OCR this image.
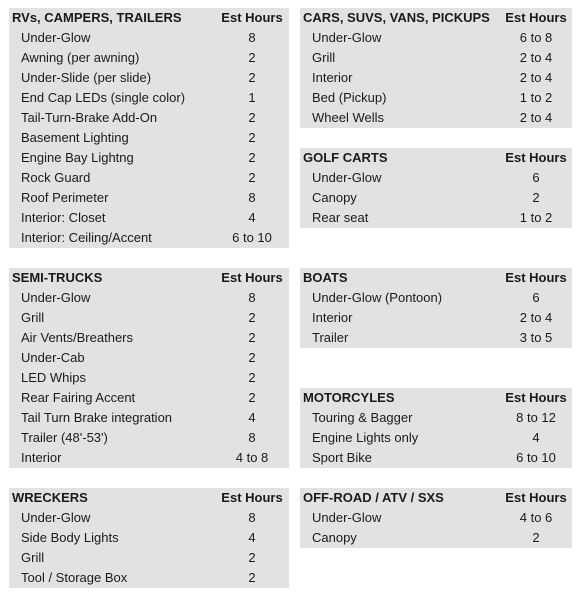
RVs, CAMPERS, TRAILERS	Est Hours
Under-Glow	8
Awning (per awning)	2
Under-Slide (per slide)	2
End Cap LEDs (single color)	1
Tail-Turn-Brake Add-On	2
Basement Lighting	2
Engine Bay Lightng	2
Rock Guard	2
Roof Perimeter	8
Interior: Closet	4
Interior: Ceiling/Accent	6 to 10
SEMI-TRUCKS	Est Hours
Under-Glow	8
Grill	2
Air Vents/Breathers	2
Under-Cab	2
LED Whips	2
Rear Fairing Accent	2
Tail Turn Brake integration	4
Trailer (48'-53')	8
Interior	4 to 8
WRECKERS	Est Hours
Under-Glow	8
Side Body Lights	4
Grill	2
Tool / Storage Box	2
CARS, SUVS, VANS, PICKUPS	Est Hours
Under-Glow	6 to 8
Grill	2 to 4
Interior	2 to 4
Bed (Pickup)	1 to 2
Wheel Wells	2 to 4
GOLF CARTS	Est Hours
Under-Glow	6
Canopy	2
Rear seat	1 to 2
BOATS	Est Hours
Under-Glow (Pontoon)	6
Interior	2 to 4
Trailer	3 to 5
MOTORCYLES	Est Hours
Touring & Bagger	8 to 12
Engine Lights only	4
Sport Bike	6 to 10
OFF-ROAD / ATV / SXS	Est Hours
Under-Glow	4 to 6
Canopy	2
